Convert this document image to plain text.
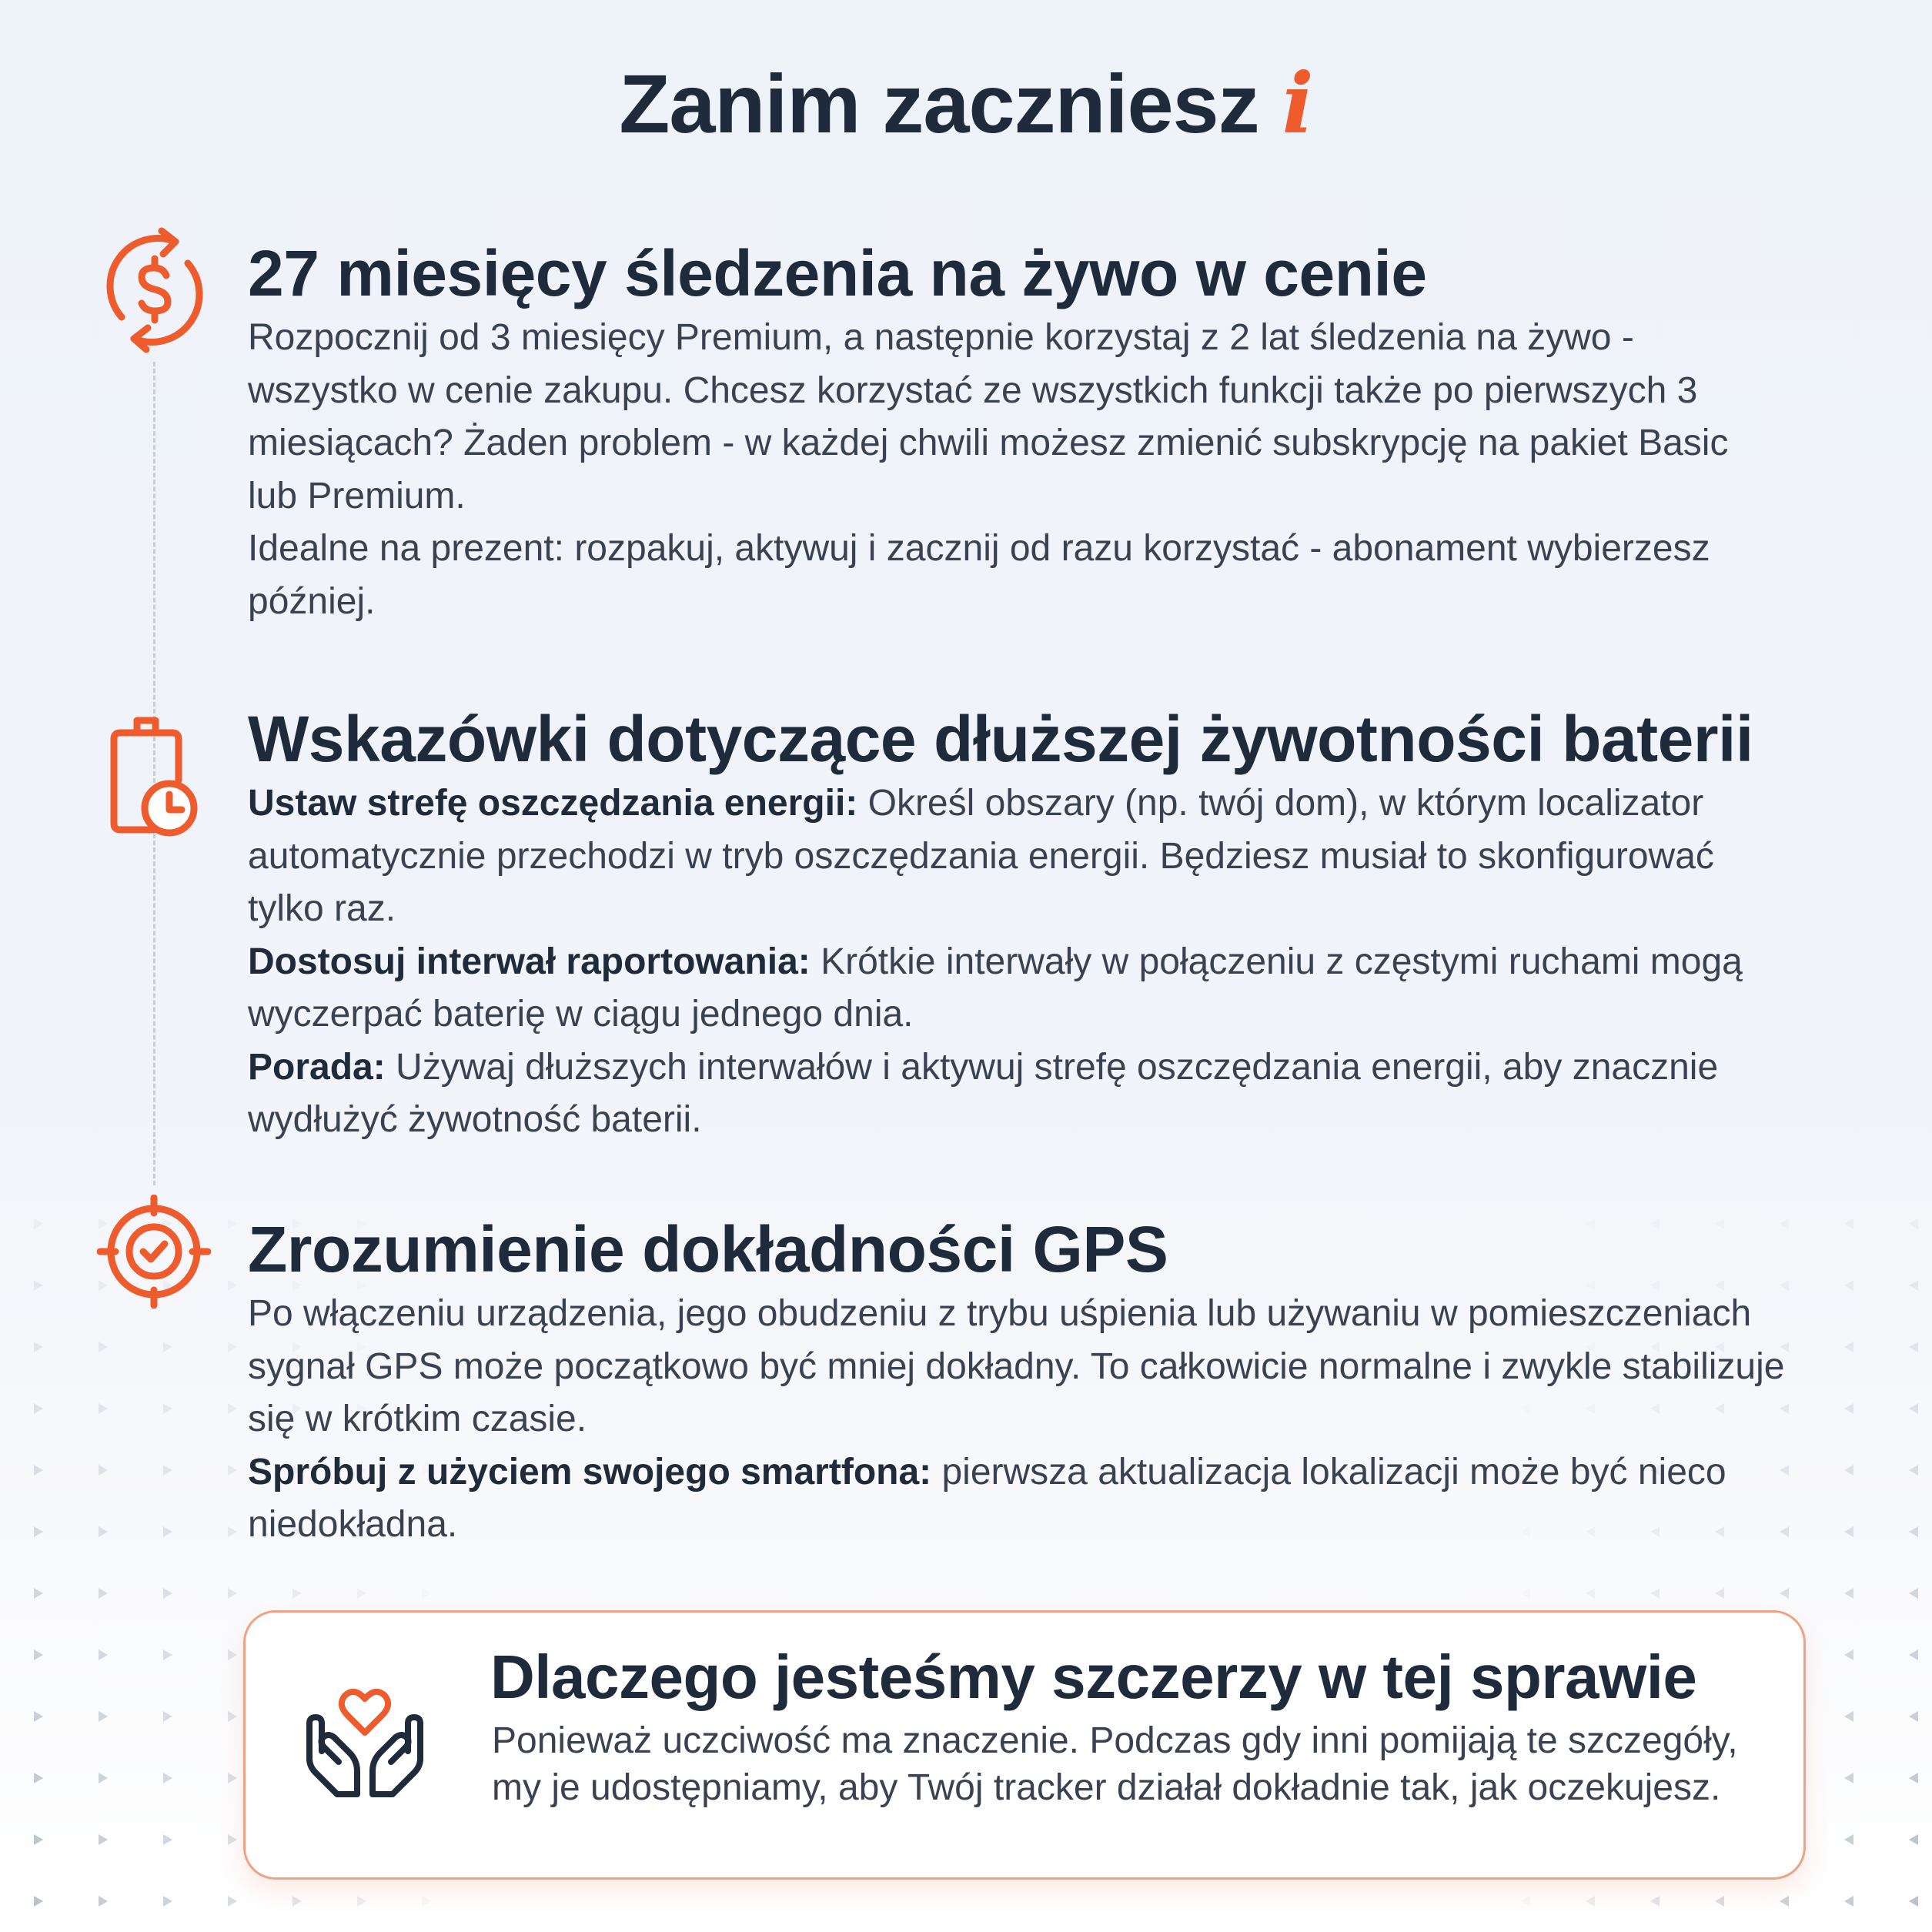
Zanim zaczniesz i
27 miesięcy śledzenia na żywo w cenie

Rozpocznij od 3 miesięcy Premium, a następnie korzystaj z 2 lat śledzenia na żywo - wszystko w cenie zakupu. Chcesz korzystać ze wszystkich funkcji także po pierwszych 3 miesiącach? Żaden problem - w każdej chwili możesz zmienić subskrypcję na pakiet Basic lub Premium.

Idealne na prezent: rozpakuj, aktywuj i zacznij od razu korzystać - abonament wybierzesz później.

Wskazówki dotyczące dłuższej żywotności baterii

Ustaw strefę oszczędzania energii: Określ obszary (np. twój dom), w którym localizator automatycznie przechodzi w tryb oszczędzania energii. Będziesz musiał to skonfigurować tylko raz.

Dostosuj interwał raportowania: Krótkie interwały w połączeniu z częstymi ruchami mogą wyczerpać baterię w ciągu jednego dnia.

Porada: Używaj dłuższych interwałów i aktywuj strefę oszczędzania energii, aby znacznie wydłużyć żywotność baterii.

Zrozumienie dokładności GPS

Po włączeniu urządzenia, jego obudzeniu z trybu uśpienia lub używaniu w pomieszczeniach sygnał GPS może początkowo być mniej dokładny. To całkowicie normalne i zwykle stabilizuje się w krótkim czasie.

Spróbuj z użyciem swojego smartfona: pierwsza aktualizacja lokalizacji może być nieco niedokładna.

Dlaczego jesteśmy szczerzy w tej sprawie

Ponieważ uczciwość ma znaczenie. Podczas gdy inni pomijają te szczegóły, my je udostępniamy, aby Twój tracker działał dokładnie tak, jak oczekujesz.
